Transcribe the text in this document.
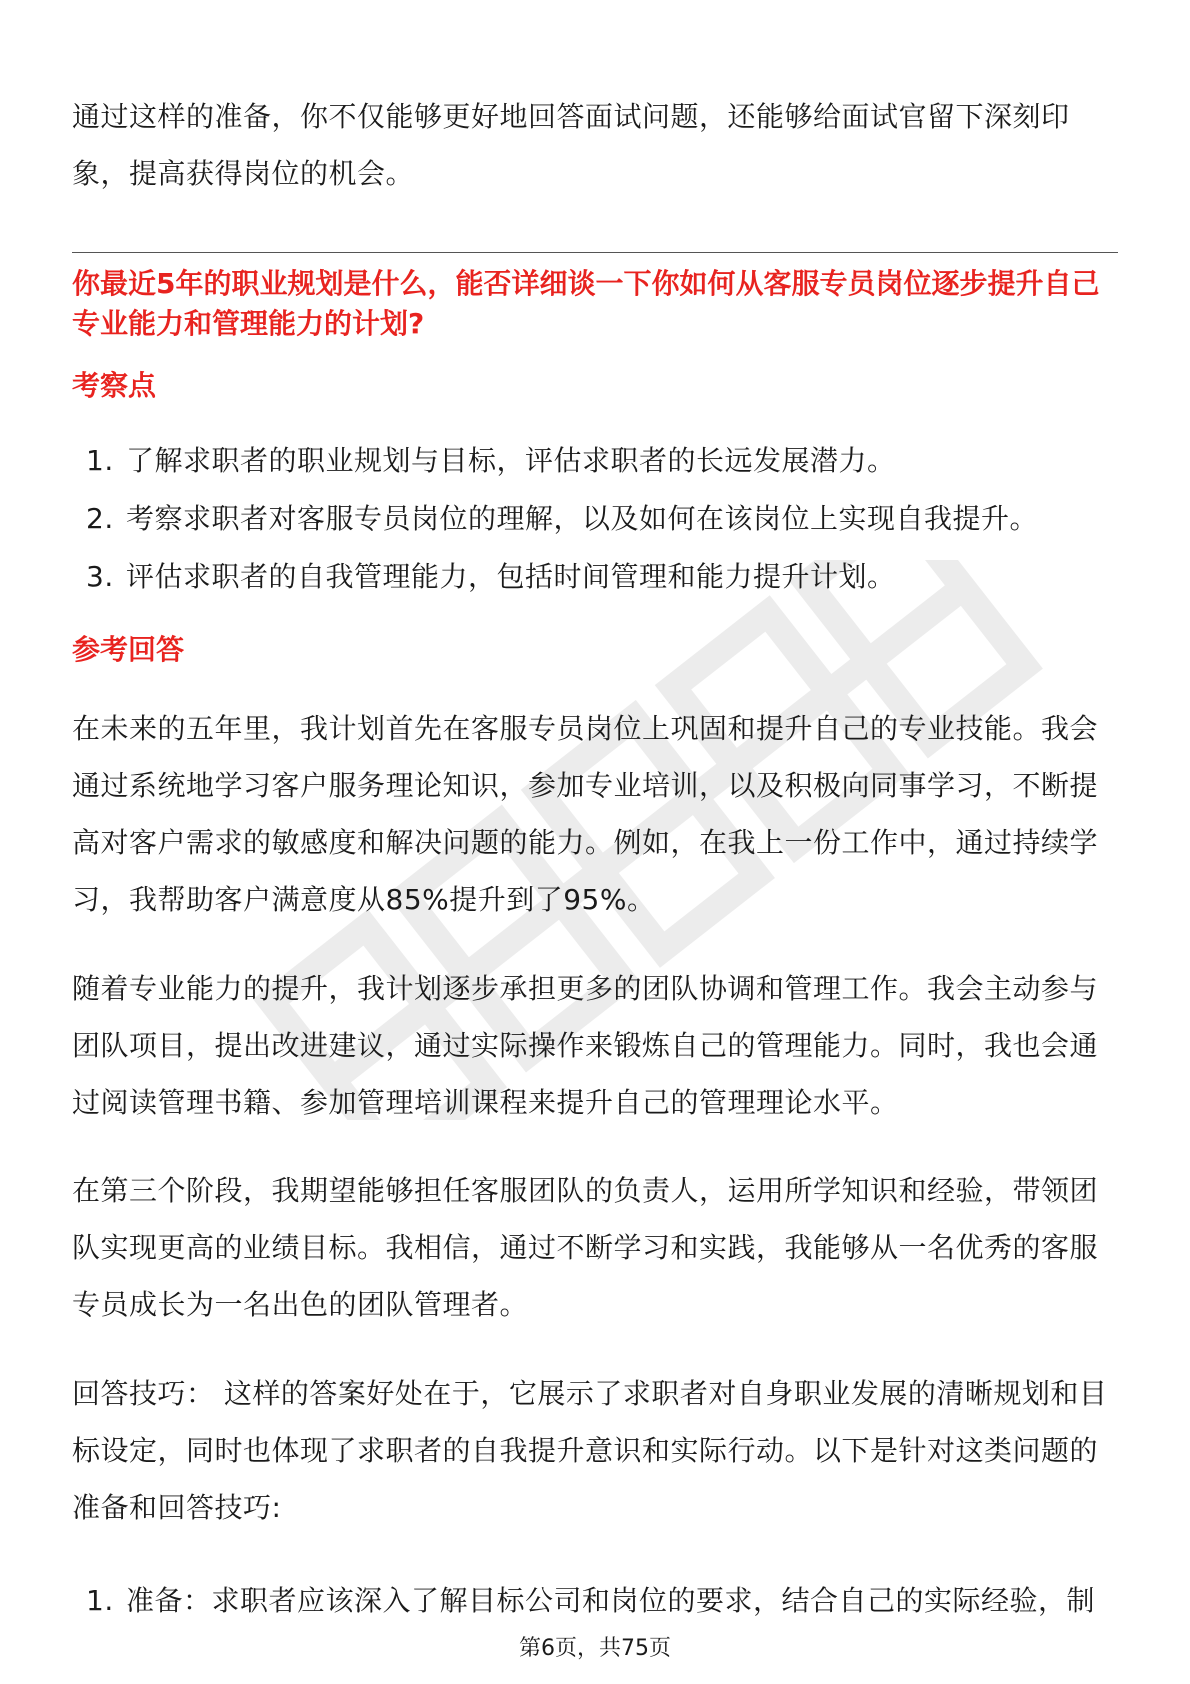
通过这样的准备，你不仅能够更好地回答面试问题，还能够给面试官留下深刻印象，提高获得岗位的机会。

你最近5年的职业规划是什么，能否详细谈一下你如何从客服专员岗位逐步提升自己专业能力和管理能力的计划?

考察点

1. 了解求职者的职业规划与目标，评估求职者的长远发展潜力。
2. 考察求职者对客服专员岗位的理解，以及如何在该岗位上实现自我提升。
3. 评估求职者的自我管理能力，包括时间管理和能力提升计划。

参考回答

在未来的五年里，我计划首先在客服专员岗位上巩固和提升自己的专业技能。我会通过系统地学习客户服务理论知识，参加专业培训，以及积极向同事学习，不断提高对客户需求的敏感度和解决问题的能力。例如，在我上一份工作中，通过持续学习，我帮助客户满意度从85%提升到了95%。

随着专业能力的提升，我计划逐步承担更多的团队协调和管理工作。我会主动参与团队项目，提出改进建议，通过实际操作来锻炼自己的管理能力。同时，我也会通过阅读管理书籍、参加管理培训课程来提升自己的管理理论水平。

在第三个阶段，我期望能够担任客服团队的负责人，运用所学知识和经验，带领团队实现更高的业绩目标。我相信，通过不断学习和实践，我能够从一名优秀的客服专员成长为一名出色的团队管理者。

回答技巧： 这样的答案好处在于，它展示了求职者对自身职业发展的清晰规划和目标设定，同时也体现了求职者的自我提升意识和实际行动。以下是针对这类问题的准备和回答技巧:

1. 准备：求职者应该深入了解目标公司和岗位的要求，结合自己的实际经验，制
第6页，共75页
